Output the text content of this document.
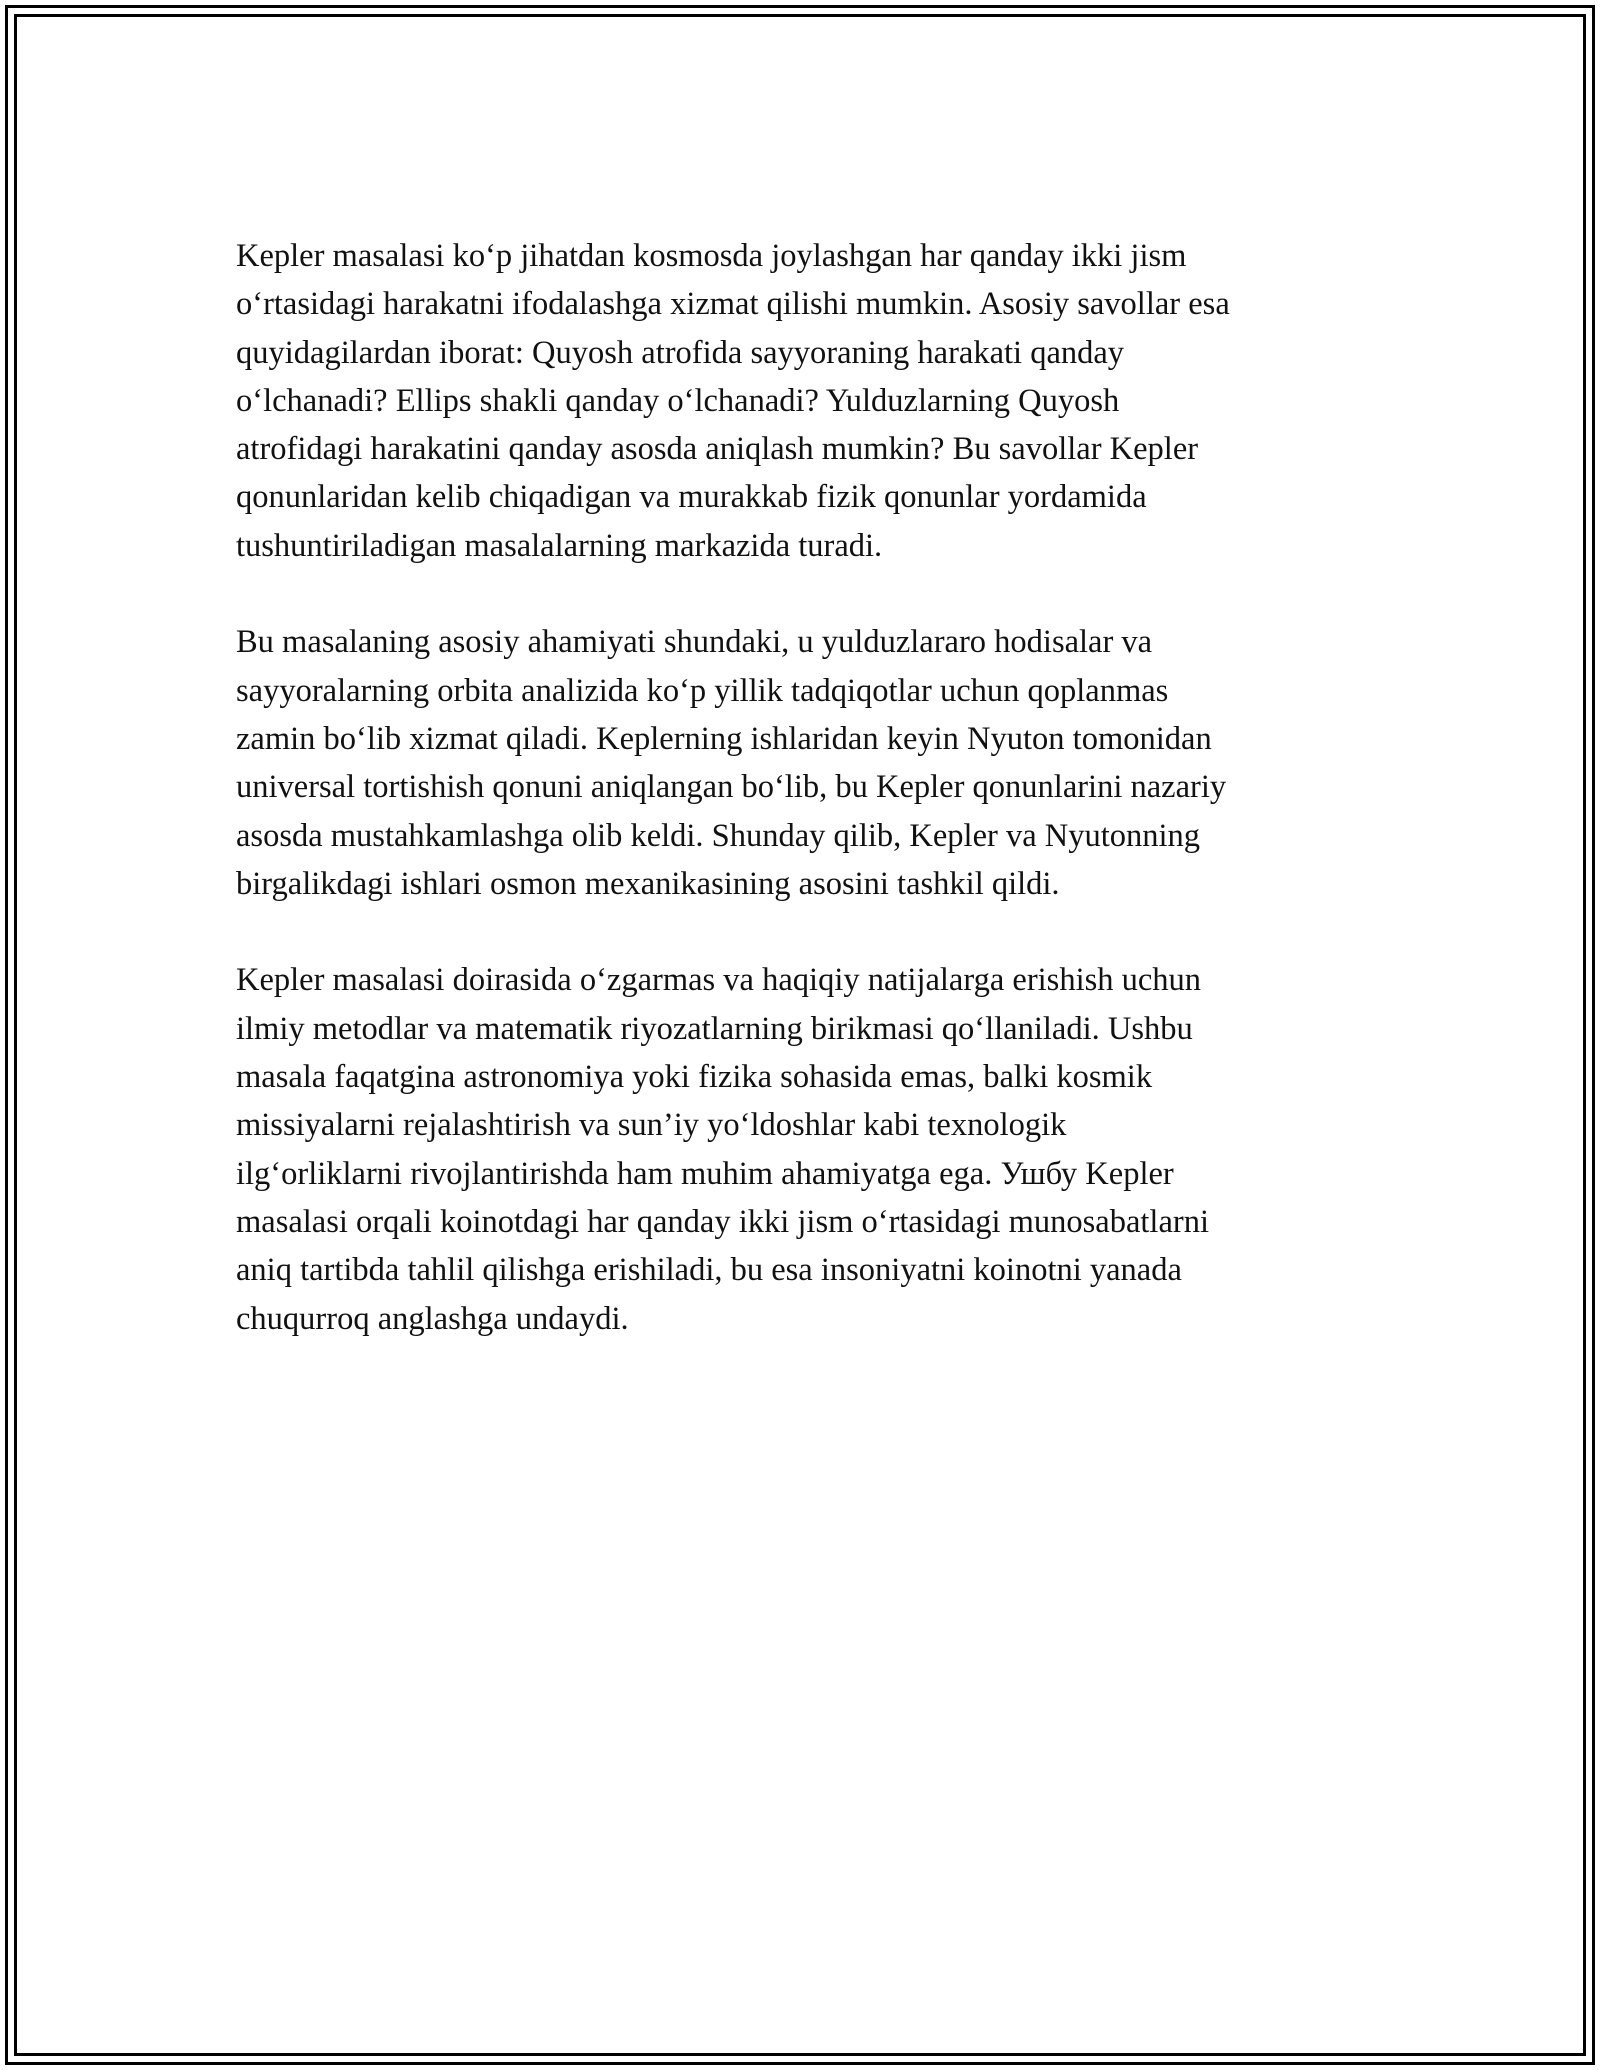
Kepler masalasi ko‘p jihatdan kosmosda joylashgan har qanday ikki jism
o‘rtasidagi harakatni ifodalashga xizmat qilishi mumkin. Asosiy savollar esa
quyidagilardan iborat: Quyosh atrofida sayyoraning harakati qanday
o‘lchanadi? Ellips shakli qanday o‘lchanadi? Yulduzlarning Quyosh
atrofidagi harakatini qanday asosda aniqlash mumkin? Bu savollar Kepler
qonunlaridan kelib chiqadigan va murakkab fizik qonunlar yordamida
tushuntiriladigan masalalarning markazida turadi.

Bu masalaning asosiy ahamiyati shundaki, u yulduzlararo hodisalar va
sayyoralarning orbita analizida ko‘p yillik tadqiqotlar uchun qoplanmas
zamin bo‘lib xizmat qiladi. Keplerning ishlaridan keyin Nyuton tomonidan
universal tortishish qonuni aniqlangan bo‘lib, bu Kepler qonunlarini nazariy
asosda mustahkamlashga olib keldi. Shunday qilib, Kepler va Nyutonning
birgalikdagi ishlari osmon mexanikasining asosini tashkil qildi.

Kepler masalasi doirasida o‘zgarmas va haqiqiy natijalarga erishish uchun
ilmiy metodlar va matematik riyozatlarning birikmasi qo‘llaniladi. Ushbu
masala faqatgina astronomiya yoki fizika sohasida emas, balki kosmik
missiyalarni rejalashtirish va sun’iy yo‘ldoshlar kabi texnologik
ilg‘orliklarni rivojlantirishda ham muhim ahamiyatga ega. Ушбу Kepler
masalasi orqali koinotdagi har qanday ikki jism o‘rtasidagi munosabatlarni
aniq tartibda tahlil qilishga erishiladi, bu esa insoniyatni koinotni yanada
chuqurroq anglashga undaydi.
